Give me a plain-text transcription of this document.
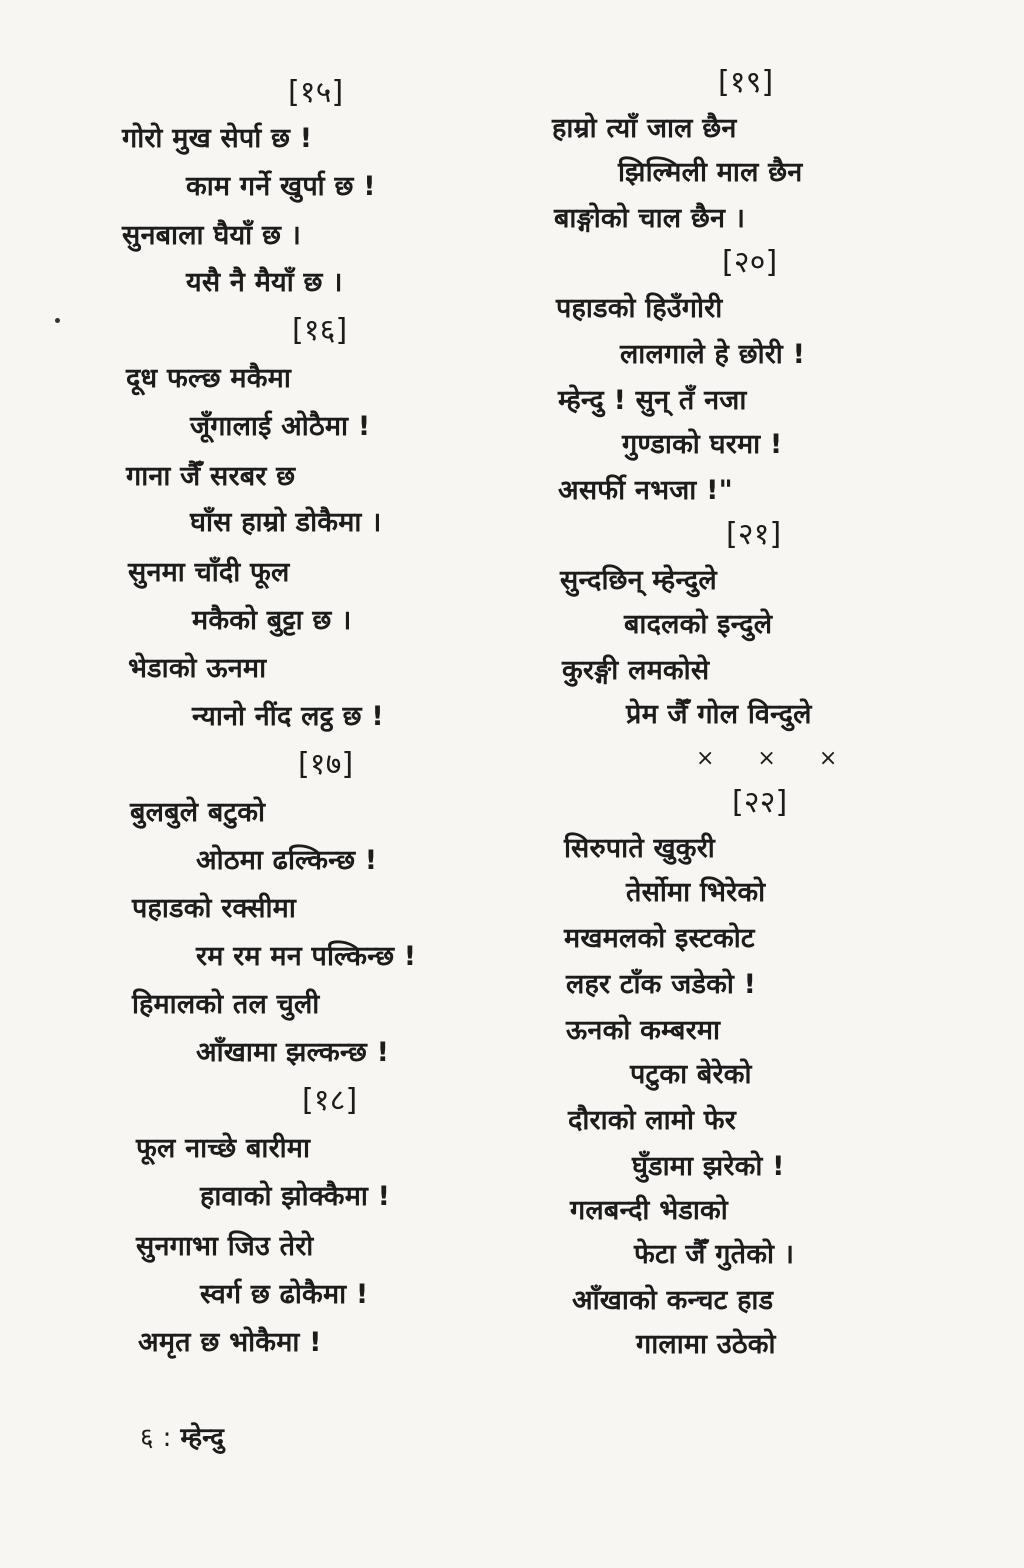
[१५]
गोरो मुख सेर्पा छ !
काम गर्ने खुर्पा छ !
सुनबाला घैयाँ छ ।
यसै नै मैयाँ छ ।
[१६]
दूध फल्छ मकैमा
जूँगालाई ओठैमा !
गाना जैँ सरबर छ
घाँस हाम्रो डोकैमा ।
सुनमा चाँदी फूल
मकैको बुट्टा छ ।
भेडाको ऊनमा
न्यानो नींद लट्ठ छ !
[१७]
बुलबुले बटुको
ओठमा ढल्किन्छ !
पहाडको रक्सीमा
रम रम मन पल्किन्छ !
हिमालको तल चुली
आँखामा झल्कन्छ !
[१८]
फूल नाच्छे बारीमा
हावाको झोक्कैमा !
सुनगाभा जिउ तेरो
स्वर्ग छ ढोकैमा !
अमृत छ भोकैमा !
[१९]
हाम्रो त्याँ जाल छैन
झिल्मिली माल छैन
बाङ्गोको चाल छैन ।
[२०]
पहाडको हिउँगोरी
लालगाले हे छोरी !
म्हेन्दु ! सुन् तँ नजा
गुण्डाको घरमा !
असर्फी नभजा !"
[२१]
सुन्दछिन् म्हेन्दुले
बादलको इन्दुले
कुरङ्गी लमकोसे
प्रेम जैँ गोल विन्दुले
× × ×
[२२]
सिरुपाते खुकुरी
तेर्सोमा भिरेको
मखमलको इस्टकोट
लहर टाँक जडेको !
ऊनको कम्बरमा
पटुका बेरेको
दौराको लामो फेर
घुँडामा झरेको !
गलबन्दी भेडाको
फेटा जैँ गुतेको ।
आँखाको कन्चट हाड
गालामा उठेको
६ : म्हेन्दु
